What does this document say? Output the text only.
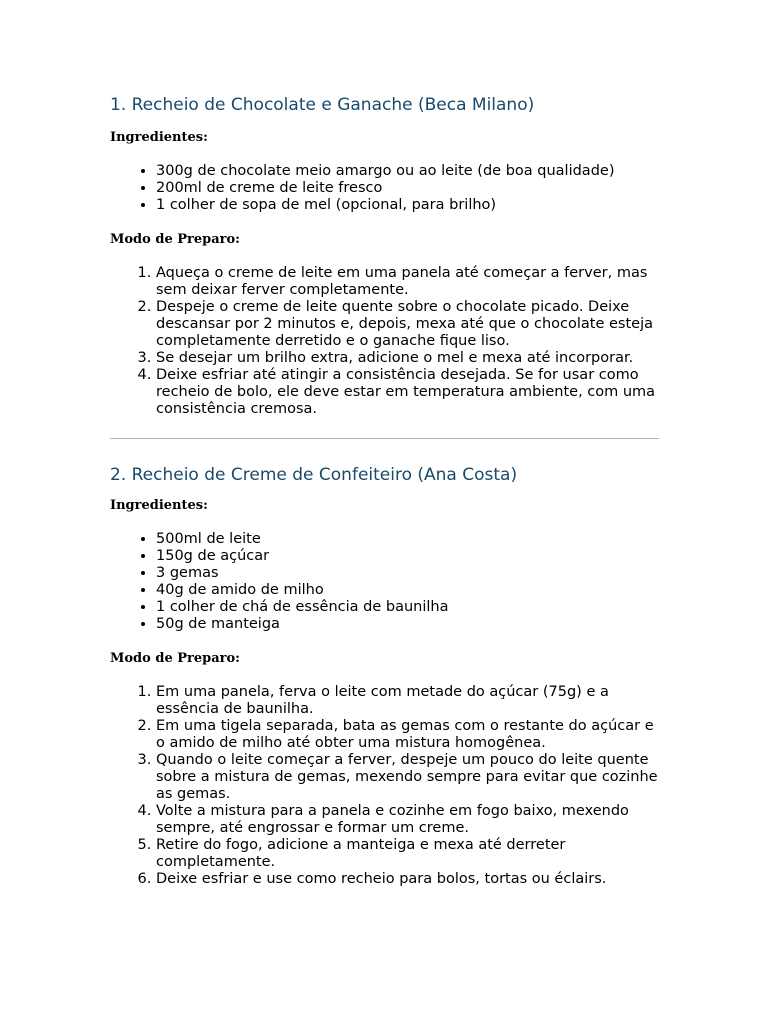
1. Recheio de Chocolate e Ganache (Beca Milano)

Ingredientes:

• 300g de chocolate meio amargo ou ao leite (de boa qualidade)
• 200ml de creme de leite fresco
• 1 colher de sopa de mel (opcional, para brilho)

Modo de Preparo:

1. Aqueça o creme de leite em uma panela até começar a ferver, mas sem deixar ferver completamente.
2. Despeje o creme de leite quente sobre o chocolate picado. Deixe descansar por 2 minutos e, depois, mexa até que o chocolate esteja completamente derretido e o ganache fique liso.
3. Se desejar um brilho extra, adicione o mel e mexa até incorporar.
4. Deixe esfriar até atingir a consistência desejada. Se for usar como recheio de bolo, ele deve estar em temperatura ambiente, com uma consistência cremosa.
2. Recheio de Creme de Confeiteiro (Ana Costa)

Ingredientes:

• 500ml de leite
• 150g de açúcar
• 3 gemas
• 40g de amido de milho
• 1 colher de chá de essência de baunilha
• 50g de manteiga

Modo de Preparo:

1. Em uma panela, ferva o leite com metade do açúcar (75g) e a essência de baunilha.
2. Em uma tigela separada, bata as gemas com o restante do açúcar e o amido de milho até obter uma mistura homogênea.
3. Quando o leite começar a ferver, despeje um pouco do leite quente sobre a mistura de gemas, mexendo sempre para evitar que cozinhe as gemas.
4. Volte a mistura para a panela e cozinhe em fogo baixo, mexendo sempre, até engrossar e formar um creme.
5. Retire do fogo, adicione a manteiga e mexa até derreter completamente.
6. Deixe esfriar e use como recheio para bolos, tortas ou éclairs.
